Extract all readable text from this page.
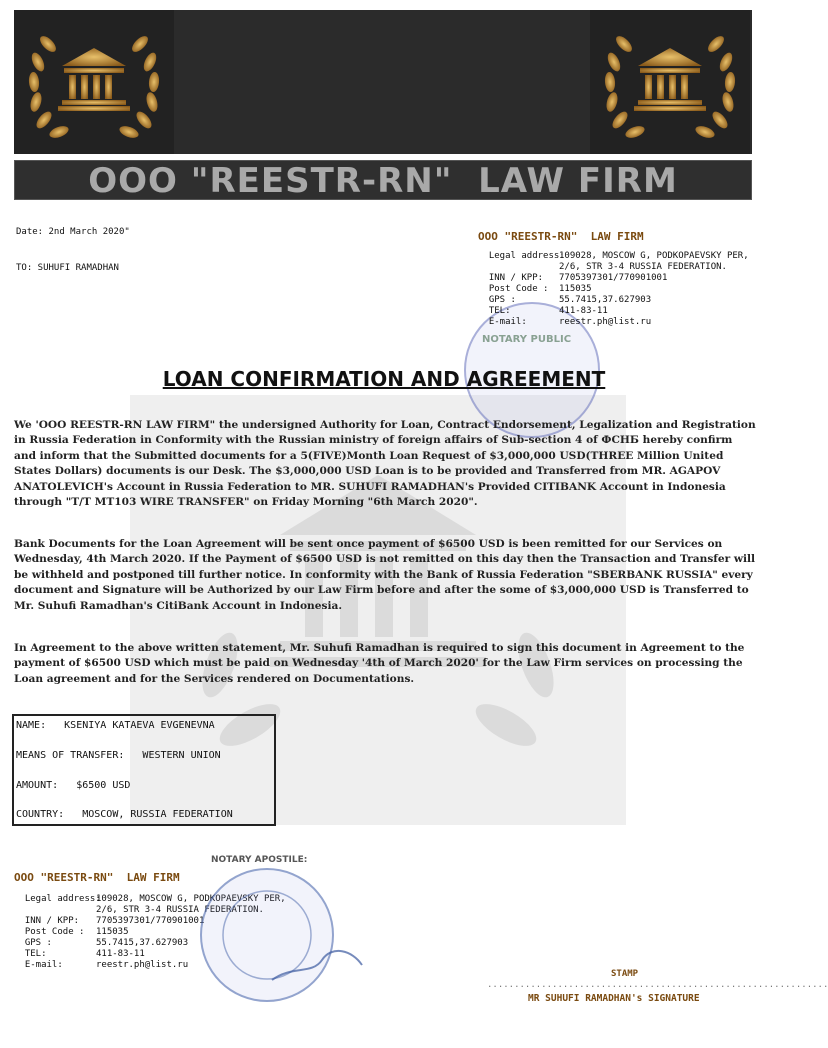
OOO "REESTR-RN"  LAW FIRM
Date: 2nd March 2020"
TO: SUHUFI RAMADHAN
OOO "REESTR-RN"  LAW FIRM
NOTARY PUBLIC

Legal address:

109028, MOSCOW G, PODKOPAEVSKY PER,

2/6, STR 3-4 RUSSIA FEDERATION.

INN / KPP:

7705397301/770901001

Post Code :

115035

GPS :

	55.7415,37.627903

TEL:

	411-83-11

E-mail:

	reestr.ph@list.ru

LOAN CONFIRMATION AND AGREEMENT
We 'OOO REESTR-RN LAW FIRM" the undersigned Authority for Loan, Contract Endorsement, Legalization and Registration in Russia Federation in Conformity with the Russian ministry of foreign affairs of Sub-section 4 of ФСНБ hereby confirm and inform that the Submitted documents for a 5(FIVE)Month Loan Request of $3,000,000 USD(THREE Million United States Dollars) documents is our Desk. The $3,000,000 USD Loan is to be provided and Transferred from MR. AGAPOV ANATOLEVICH's Account in Russia Federation to MR. SUHUFI RAMADHAN's Provided CITIBANK Account in Indonesia through "T/T MT103 WIRE TRANSFER" on Friday Morning "6th March 2020".
Bank Documents for the Loan Agreement will be sent once payment of $6500 USD is been remitted for our Services on Wednesday, 4th March 2020. If the Payment of $6500 USD is not remitted on this day then the Transaction and Transfer will be withheld and postponed till further notice. In conformity with the Bank of Russia Federation "SBERBANK RUSSIA" every document and Signature will be Authorized by our Law Firm before and after the some of $3,000,000 USD is Transferred to Mr. Suhufi Ramadhan's CitiBank Account in Indonesia.
In Agreement to the above written statement, Mr. Suhufi Ramadhan is required to sign this document in Agreement to the payment of $6500 USD which must be paid on Wednesday '4th of March 2020' for the Law Firm services on processing the Loan agreement and for the Services rendered on Documentations.
NAME:   KSENIYA KATAEVA EVGENEVNA
MEANS OF TRANSFER:   WESTERN UNION
AMOUNT:   $6500 USD
COUNTRY:   MOSCOW, RUSSIA FEDERATION
OOO "REESTR-RN"  LAW FIRM

Legal address:

109028, MOSCOW G, PODKOPAEVSKY PER,

2/6, STR 3-4 RUSSIA FEDERATION.

INN / KPP:

7705397301/770901001

Post Code :

115035

GPS :

	55.7415,37.627903

TEL:

	411-83-11

E-mail:

	reestr.ph@list.ru

NOTARY APOSTILE:
STAMP
...............................................................
MR SUHUFI RAMADHAN's SIGNATURE
